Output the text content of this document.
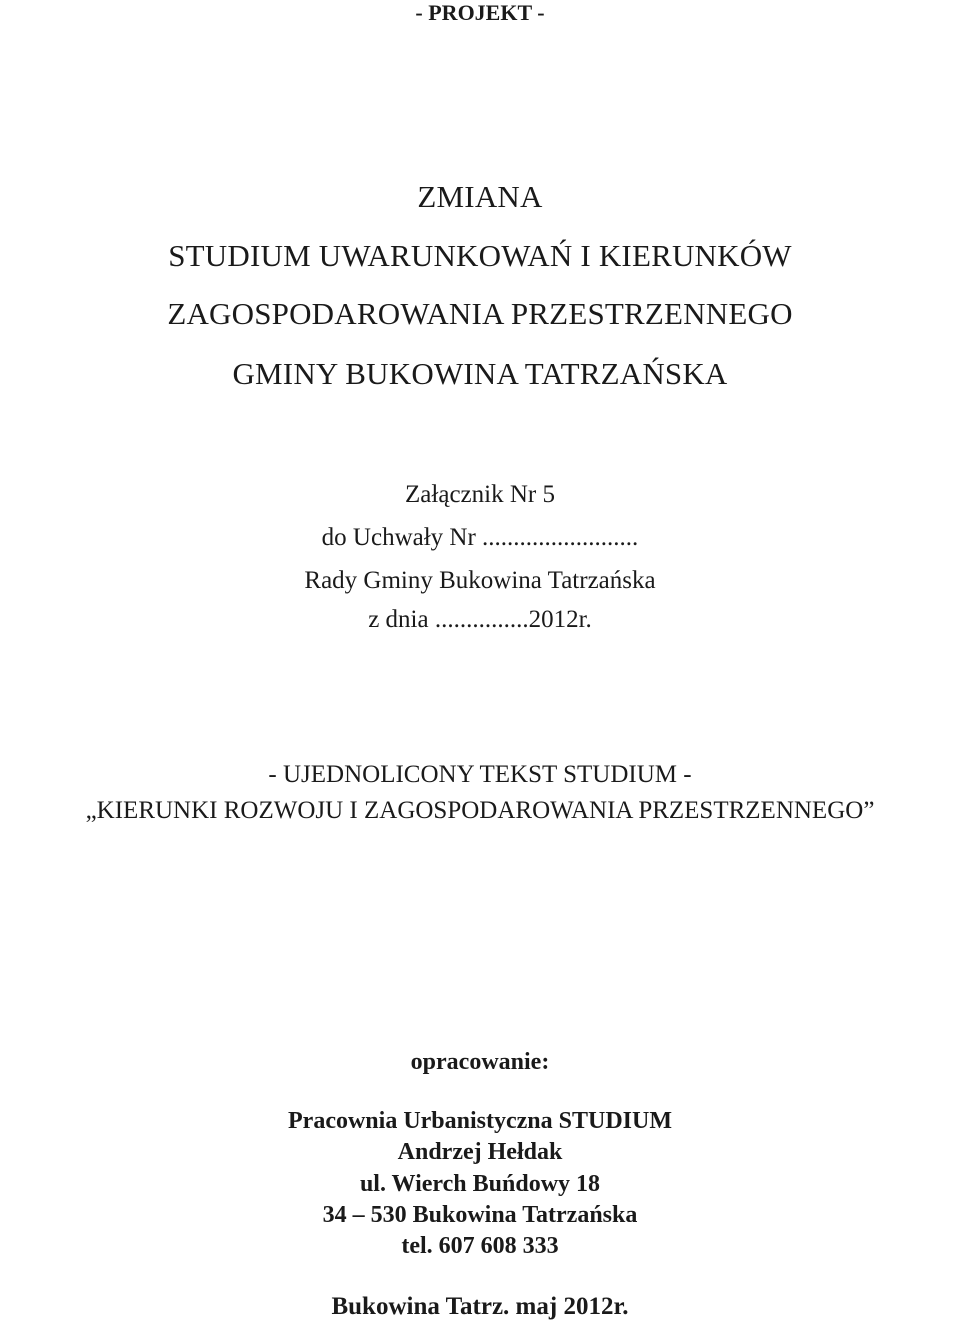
- PROJEKT -
ZMIANA
STUDIUM UWARUNKOWAŃ I KIERUNKÓW
ZAGOSPODAROWANIA PRZESTRZENNEGO
GMINY BUKOWINA TATRZAŃSKA
Załącznik Nr 5
do Uchwały Nr .........................
Rady Gminy Bukowina Tatrzańska
z dnia ...............2012r.
- UJEDNOLICONY TEKST STUDIUM -
„KIERUNKI ROZWOJU I ZAGOSPODAROWANIA PRZESTRZENNEGO”
opracowanie:
Pracownia Urbanistyczna STUDIUM
Andrzej Hełdak
ul. Wierch Buńdowy 18
34 – 530 Bukowina Tatrzańska
tel. 607 608 333
Bukowina Tatrz. maj 2012r.
